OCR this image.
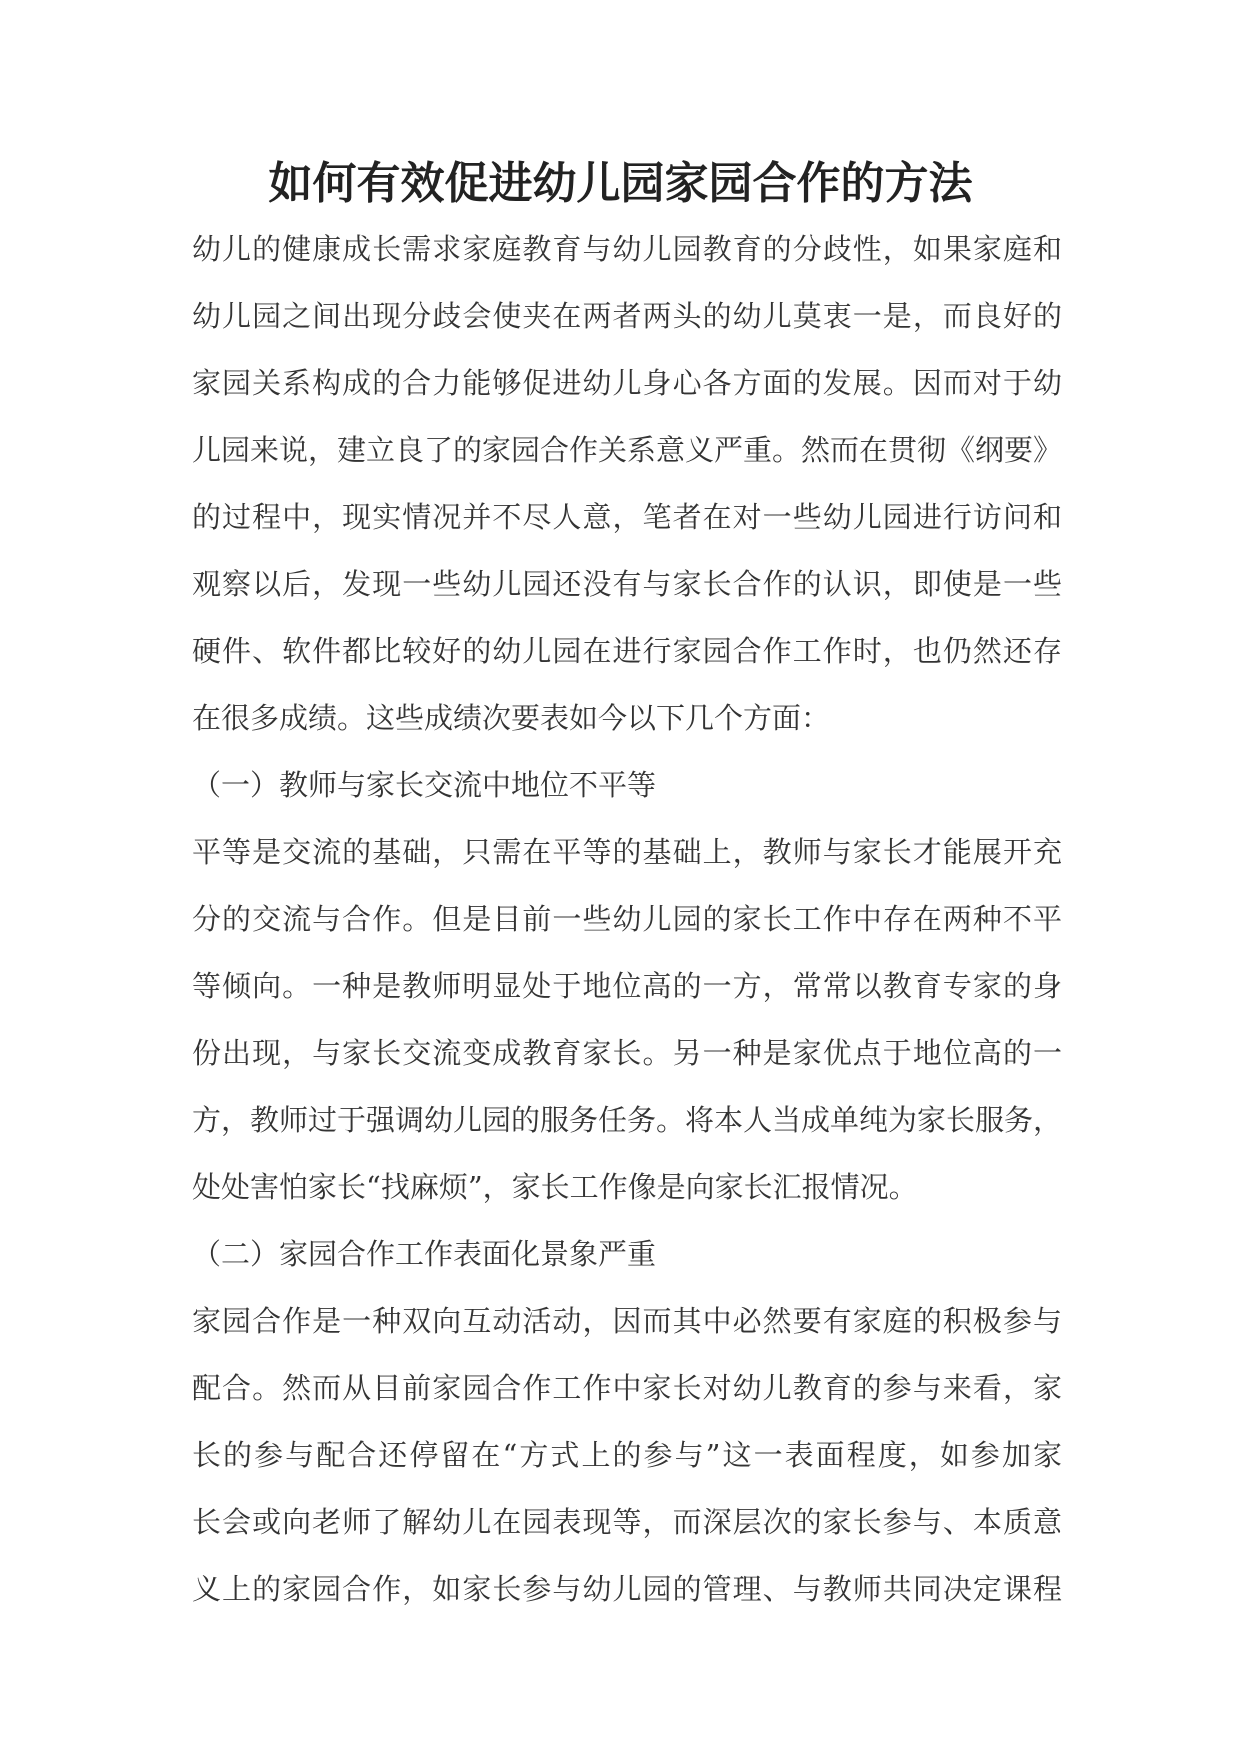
如何有效促进幼儿园家园合作的方法
幼儿的健康成长需求家庭教育与幼儿园教育的分歧性，如果家庭和
幼儿园之间出现分歧会使夹在两者两头的幼儿莫衷一是，而良好的
家园关系构成的合力能够促进幼儿身心各方面的发展。因而对于幼
儿园来说，建立良了的家园合作关系意义严重。然而在贯彻《纲要》
的过程中，现实情况并不尽人意，笔者在对一些幼儿园进行访问和
观察以后，发现一些幼儿园还没有与家长合作的认识，即使是一些
硬件、软件都比较好的幼儿园在进行家园合作工作时，也仍然还存
在很多成绩。这些成绩次要表如今以下几个方面：
（一）教师与家长交流中地位不平等
平等是交流的基础，只需在平等的基础上，教师与家长才能展开充
分的交流与合作。但是目前一些幼儿园的家长工作中存在两种不平
等倾向。一种是教师明显处于地位高的一方，常常以教育专家的身
份出现，与家长交流变成教育家长。另一种是家优点于地位高的一
方，教师过于强调幼儿园的服务任务。将本人当成单纯为家长服务，
处处害怕家长“找麻烦”，家长工作像是向家长汇报情况。
（二）家园合作工作表面化景象严重
家园合作是一种双向互动活动，因而其中必然要有家庭的积极参与
配合。然而从目前家园合作工作中家长对幼儿教育的参与来看，家
长的参与配合还停留在“方式上的参与”这一表面程度，如参加家
长会或向老师了解幼儿在园表现等，而深层次的家长参与、本质意
义上的家园合作，如家长参与幼儿园的管理、与教师共同决定课程
